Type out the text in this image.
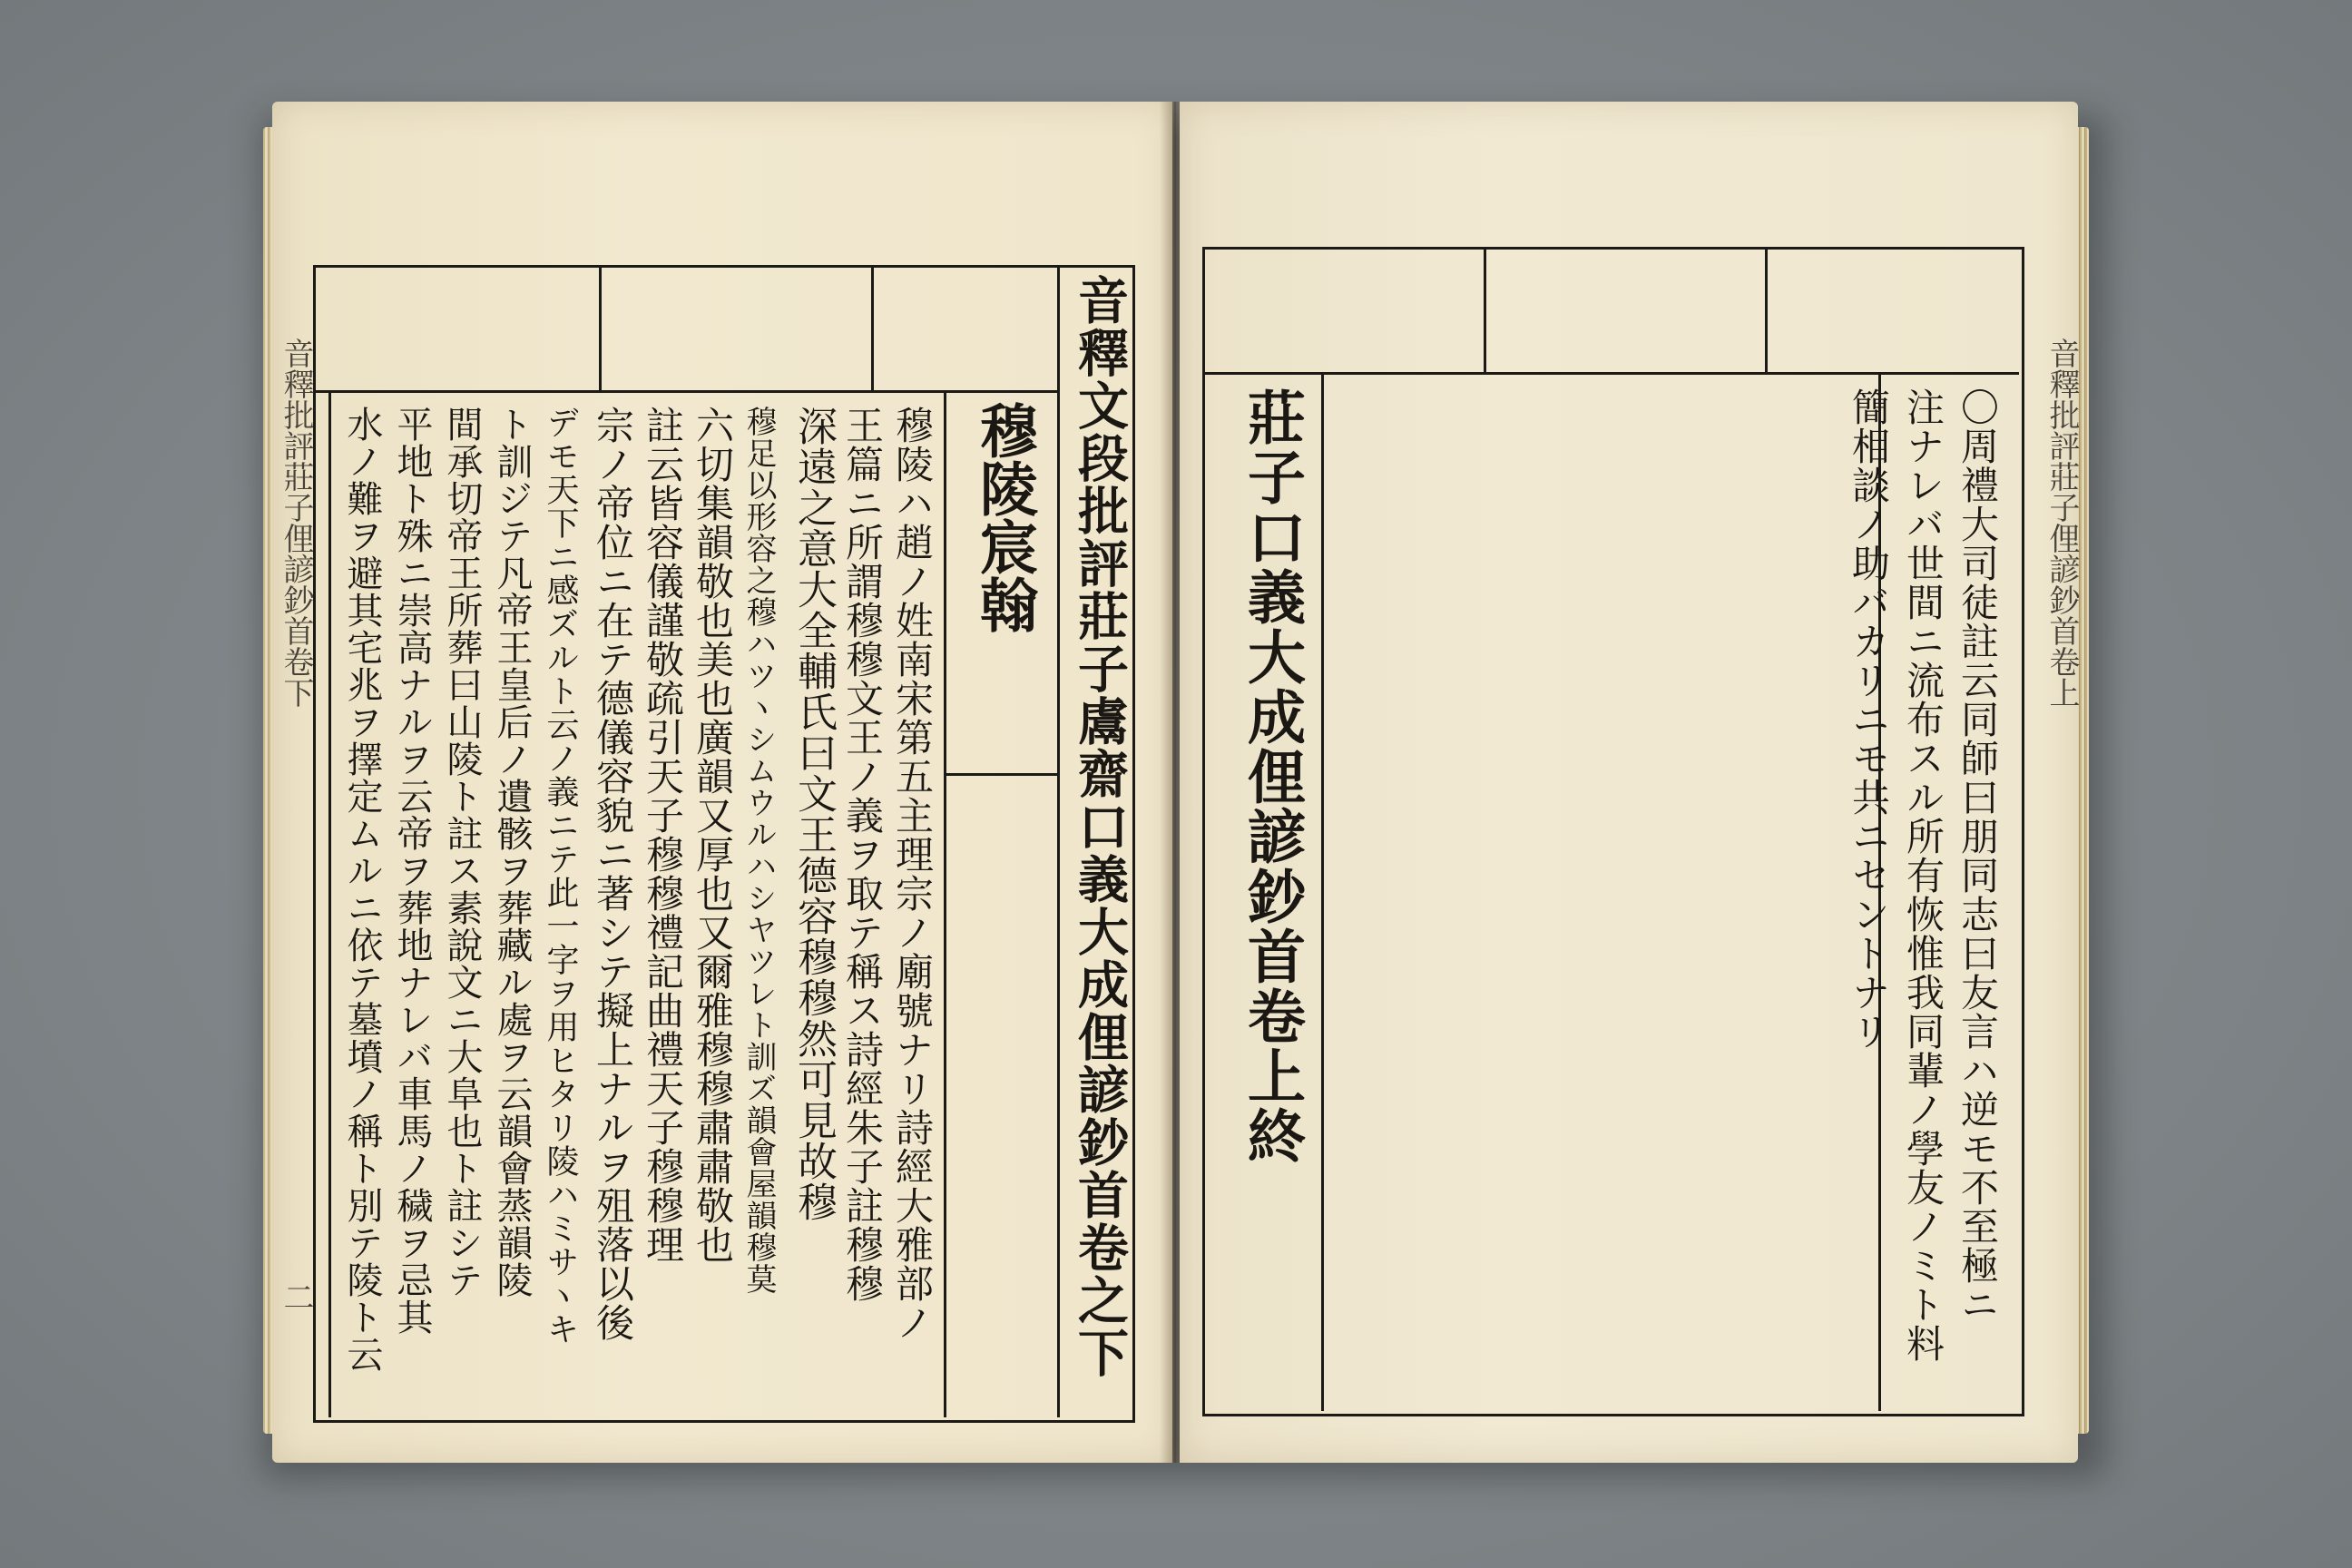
音釋文段批評莊子鬳齋口義大成俚諺鈔首卷之下
穆陵宸翰
穆陵ハ趙ノ姓南宋第五主理宗ノ廟號ナリ詩經大雅部ノ
王篇ニ所謂穆穆文王ノ義ヲ取テ稱ス詩經朱子註穆穆
深遠之意大全輔氏曰文王德容穆穆然可見故穆
穆足以形容之穆ハツヽシムウルハシヤツレト訓ズ韻會屋韻穆莫
六切集韻敬也美也廣韻又厚也又爾雅穆穆肅肅敬也
註云皆容儀謹敬疏引天子穆穆禮記曲禮天子穆穆理
宗ノ帝位ニ在テ德儀容貌ニ著シテ擬上ナルヲ殂落以後
デモ天下ニ感ズルト云ノ義ニテ此一字ヲ用ヒタリ陵ハミサヽキ
ト訓ジテ凡帝王皇后ノ遺骸ヲ葬藏ル處ヲ云韻會蒸韻陵
間承切帝王所葬曰山陵ト註ス素說文ニ大阜也ト註シテ
平地ト殊ニ崇高ナルヲ云帝ヲ葬地ナレバ車馬ノ穢ヲ忌其
水ノ難ヲ避其宅兆ヲ擇定ムルニ依テ墓墳ノ稱ト別テ陵ト云
音釋批評莊子俚諺鈔首卷下
二	〇周禮大司徒註云同師曰朋同志曰友言ハ逆モ不至極ニ
注ナレバ世間ニ流布スル所有恢惟我同輩ノ學友ノミト料
簡相談ノ助バカリニモ共ニセントナリ
莊子口義大成俚諺鈔首卷上終	音釋批評莊子俚諺鈔首卷上
